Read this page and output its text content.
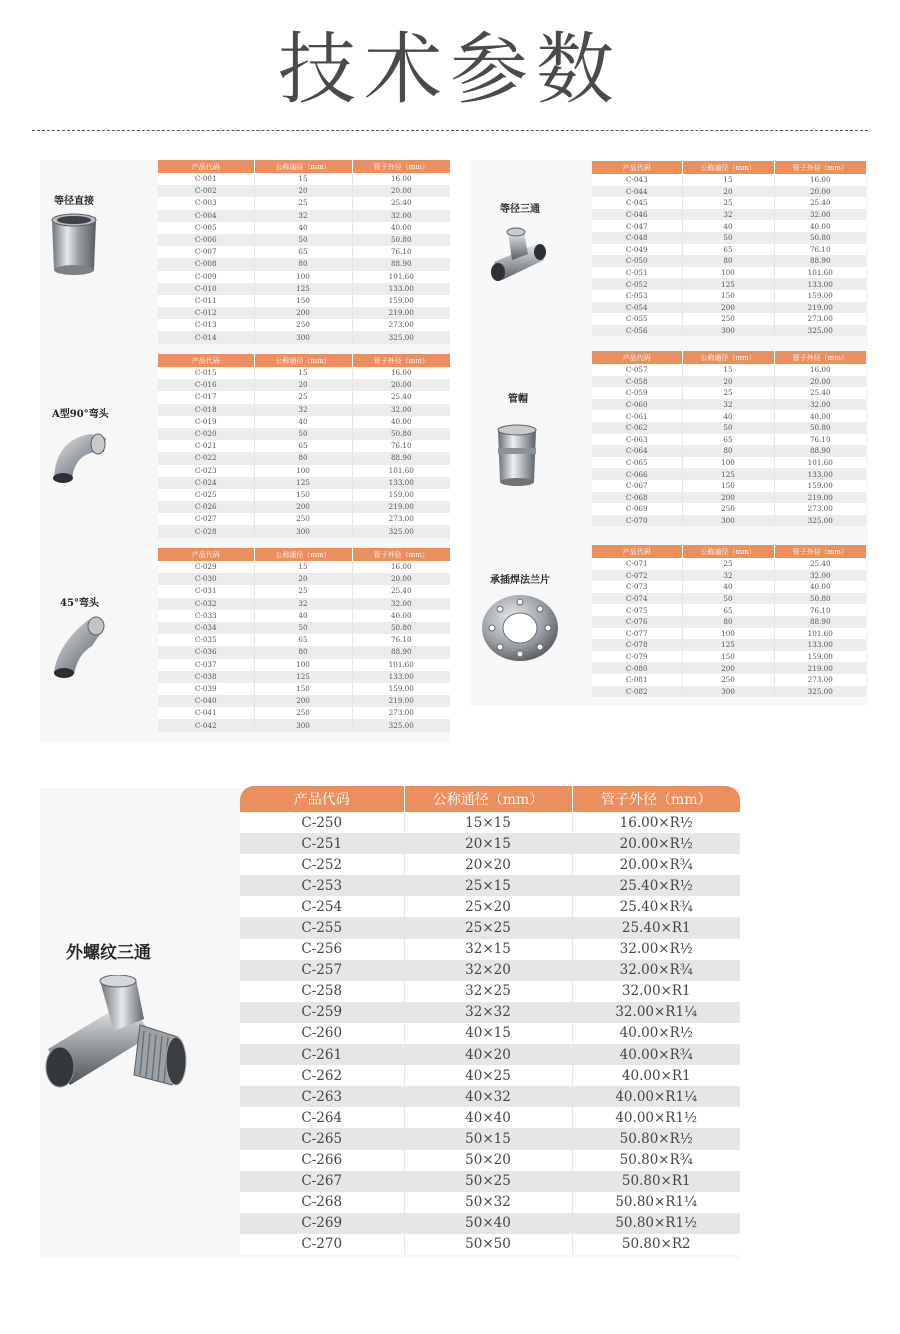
技术参数
等径直接
A型90°弯头
45°弯头
等径三通
管帽
承插焊法兰片
外螺纹三通
产品代码	公称通径（mm）	管子外径（mm）
C-001	15	16.00
C-002	20	20.00
C-003	25	25.40
C-004	32	32.00
C-005	40	40.00
C-006	50	50.80
C-007	65	76.10
C-008	80	88.90
C-009	100	101.60
C-010	125	133.00
C-011	150	159.00
C-012	200	219.00
C-013	250	273.00
C-014	300	325.00
产品代码	公称通径（mm）	管子外径（mm）
C-015	15	16.00
C-016	20	20.00
C-017	25	25.40
C-018	32	32.00
C-019	40	40.00
C-020	50	50.80
C-021	65	76.10
C-022	80	88.90
C-023	100	101.60
C-024	125	133.00
C-025	150	159.00
C-026	200	219.00
C-027	250	273.00
C-028	300	325.00
产品代码	公称通径（mm）	管子外径（mm）
C-029	15	16.00
C-030	20	20.00
C-031	25	25.40
C-032	32	32.00
C-033	40	40.00
C-034	50	50.80
C-035	65	76.10
C-036	80	88.90
C-037	100	101.60
C-038	125	133.00
C-039	150	159.00
C-040	200	219.00
C-041	250	273.00
C-042	300	325.00
产品代码	公称通径（mm）	管子外径（mm）
C-043	15	16.00
C-044	20	20.00
C-045	25	25.40
C-046	32	32.00
C-047	40	40.00
C-048	50	50.80
C-049	65	76.10
C-050	80	88.90
C-051	100	101.60
C-052	125	133.00
C-053	150	159.00
C-054	200	219.00
C-055	250	273.00
C-056	300	325.00
产品代码	公称通径（mm）	管子外径（mm）
C-057	15	16.00
C-058	20	20.00
C-059	25	25.40
C-060	32	32.00
C-061	40	40.00
C-062	50	50.80
C-063	65	76.10
C-064	80	88.90
C-065	100	101.60
C-066	125	133.00
C-067	150	159.00
C-068	200	219.00
C-069	250	273.00
C-070	300	325.00
产品代码	公称通径（mm）	管子外径（mm）
C-071	25	25.40
C-072	32	32.00
C-073	40	40.00
C-074	50	50.80
C-075	65	76.10
C-076	80	88.90
C-077	100	101.60
C-078	125	133.00
C-079	150	159.00
C-080	200	219.00
C-081	250	273.00
C-082	300	325.00
产品代码	公称通径（mm）	管子外径（mm）
C-250	15×15	16.00×R½
C-251	20×15	20.00×R½
C-252	20×20	20.00×R¾
C-253	25×15	25.40×R½
C-254	25×20	25.40×R¾
C-255	25×25	25.40×R1
C-256	32×15	32.00×R½
C-257	32×20	32.00×R¾
C-258	32×25	32.00×R1
C-259	32×32	32.00×R1¼
C-260	40×15	40.00×R½
C-261	40×20	40.00×R¾
C-262	40×25	40.00×R1
C-263	40×32	40.00×R1¼
C-264	40×40	40.00×R1½
C-265	50×15	50.80×R½
C-266	50×20	50.80×R¾
C-267	50×25	50.80×R1
C-268	50×32	50.80×R1¼
C-269	50×40	50.80×R1½
C-270	50×50	50.80×R2
